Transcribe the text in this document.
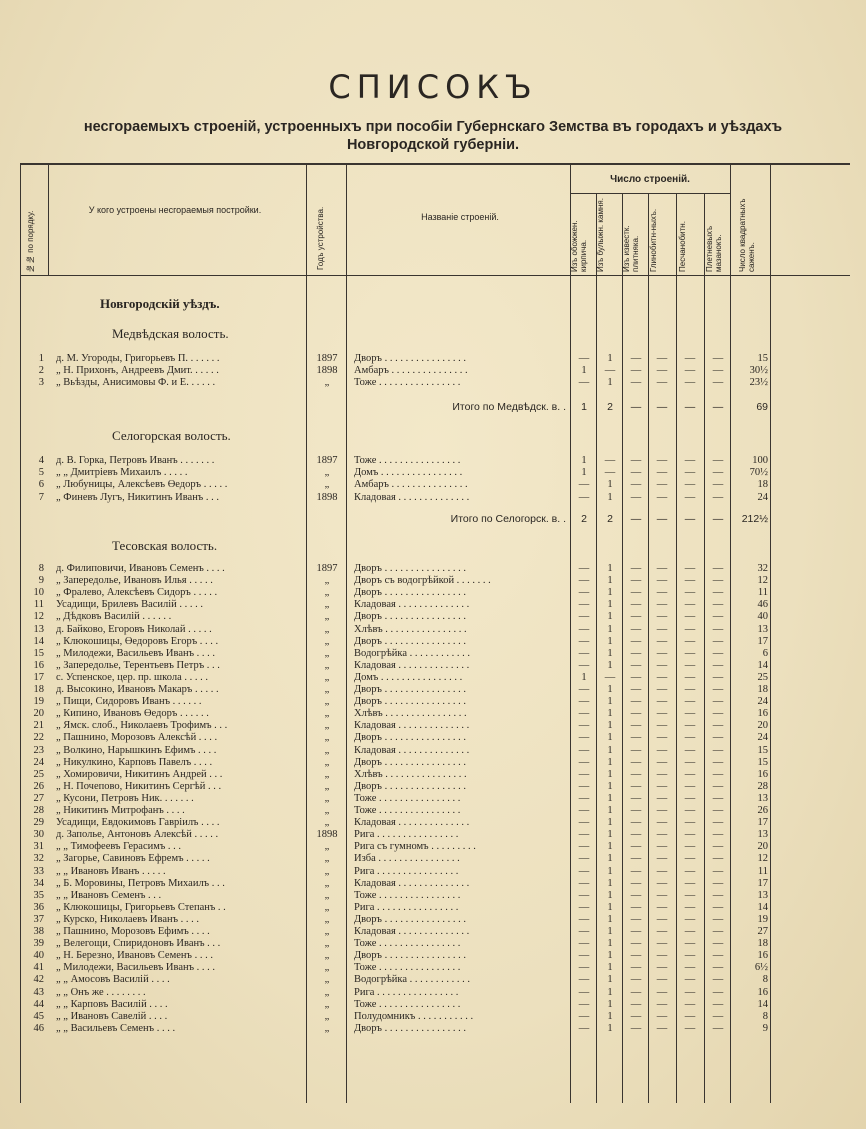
СПИСОКЪ
несгораемыхъ строеній, устроенныхъ при пособіи Губернскаго Земства въ городахъ и уѣздахъ
Новгородской губерніи.
№№ по порядку.
У кого устроены несгораемыя постройки.	Годъ устройства.	Названіе строеній.
Число строеній.
Изъ обожжен. кирпича.	Изъ булыжн. камня.	Изъ известк. плитняка.	Глинобитн-ныхъ.	Песчанобитн.	Плетневыхъ мазанокъ.	Число квадратныхъ саженъ.
Новгородскій уѣздъ.
Медвѣдская волость.
1 д. М. Угороды, Григорьевъ П. . . . . . .	1897	Дворъ . . . . . . . . . . . . . . . .	—	1	—	—	—	—	15
2 „ Н. Прихонъ, Андреевъ Дмит. . . . . .	1898	Амбаръ . . . . . . . . . . . . . . .	1	—	—	—	—	—	30½
3 „ Вьѣзды, Анисимовы Ф. и Е. . . . . .	„	Тоже . . . . . . . . . . . . . . . .	—	1	—	—	—	—	23½
Итого по Медвѣдск. в. .	1	2	—	—	—	—	69
Селогорская волость.
4 д. В. Горка, Петровъ Иванъ . . . . . . .	1897	Тоже . . . . . . . . . . . . . . . .	1	—	—	—	—	—	100
5 „ „ Дмитріевъ Михаилъ . . . . .	„	Домъ . . . . . . . . . . . . . . . .	1	—	—	—	—	—	70½
6 „ Любуницы, Алексѣевъ Өедоръ . . . . .	„	Амбаръ . . . . . . . . . . . . . . .	—	1	—	—	—	—	18
7 „ Финевъ Лугъ, Никитинъ Иванъ . . .	1898	Кладовая . . . . . . . . . . . . . .	—	1	—	—	—	—	24
Итого по Селогорск. в. .	2	2	—	—	—	—	212½
Тесовская волость.
8 д. Филиповичи, Ивановъ Семенъ . . . .	1897	Дворъ . . . . . . . . . . . . . . . .	—	1	—	—	—	—	32
9 „ Запередолье, Ивановъ Илья . . . . .	„	Дворъ съ водогрѣйкой . . . . . . .	—	1	—	—	—	—	12
10 „ Фралево, Алексѣевъ Сидоръ . . . . .	„	Дворъ . . . . . . . . . . . . . . . .	—	1	—	—	—	—	11
11 Усадищи, Брилевъ Василій . . . . .	„	Кладовая . . . . . . . . . . . . . .	—	1	—	—	—	—	46
12 „ Дѣдковъ Василій . . . . . .	„	Дворъ . . . . . . . . . . . . . . . .	—	1	—	—	—	—	40
13 д. Байково, Егоровъ Николай . . . . .	„	Хлѣвъ . . . . . . . . . . . . . . . .	—	1	—	—	—	—	13
14 „ Клюкошицы, Өедоровъ Егоръ . . . .	„	Дворъ . . . . . . . . . . . . . . . .	—	1	—	—	—	—	17
15 „ Милодежи, Васильевъ Иванъ . . . .	„	Водогрѣйка . . . . . . . . . . . .	—	1	—	—	—	—	6
16 „ Запередолье, Терентьевъ Петръ . . .	„	Кладовая . . . . . . . . . . . . . .	—	1	—	—	—	—	14
17 с. Успенское, цер. пр. школа . . . . .	„	Домъ . . . . . . . . . . . . . . . .	1	—	—	—	—	—	25
18 д. Высокино, Ивановъ Макаръ . . . . .	„	Дворъ . . . . . . . . . . . . . . . .	—	1	—	—	—	—	18
19 „ Пищи, Сидоровъ Иванъ . . . . . .	„	Дворъ . . . . . . . . . . . . . . . .	—	1	—	—	—	—	24
20 „ Кипино, Ивановъ Өедоръ . . . . . .	„	Хлѣвъ . . . . . . . . . . . . . . . .	—	1	—	—	—	—	16
21 „ Ямск. слоб., Николаевъ Трофимъ . . .	„	Кладовая . . . . . . . . . . . . . .	—	1	—	—	—	—	20
22 „ Пашнино, Морозовъ Алексѣй . . . .	„	Дворъ . . . . . . . . . . . . . . . .	—	1	—	—	—	—	24
23 „ Волкино, Нарышкинъ Ефимъ . . . .	„	Кладовая . . . . . . . . . . . . . .	—	1	—	—	—	—	15
24 „ Никулкино, Карповъ Павелъ . . . .	„	Дворъ . . . . . . . . . . . . . . . .	—	1	—	—	—	—	15
25 „ Хомировичи, Никитинъ Андрей . . .	„	Хлѣвъ . . . . . . . . . . . . . . . .	—	1	—	—	—	—	16
26 „ Н. Почепово, Никитинъ Сергѣй . . .	„	Дворъ . . . . . . . . . . . . . . . .	—	1	—	—	—	—	28
27 „ Кусони, Петровъ Ник. . . . . . .	„	Тоже . . . . . . . . . . . . . . . .	—	1	—	—	—	—	13
28 „ Никитинъ Митрофанъ . . . .	„	Тоже . . . . . . . . . . . . . . . .	—	1	—	—	—	—	26
29 Усадищи, Евдокимовъ Гавріилъ . . . .	„	Кладовая . . . . . . . . . . . . . .	—	1	—	—	—	—	17
30 д. Заполье, Антоновъ Алексѣй . . . . .	1898	Рига . . . . . . . . . . . . . . . .	—	1	—	—	—	—	13
31 „ „ Тимофеевъ Герасимъ . . .	„	Рига съ гумномъ . . . . . . . . .	—	1	—	—	—	—	20
32 „ Загорье, Савиновъ Ефремъ . . . . .	„	Изба . . . . . . . . . . . . . . . .	—	1	—	—	—	—	12
33 „ „ Ивановъ Иванъ . . . . .	„	Рига . . . . . . . . . . . . . . . .	—	1	—	—	—	—	11
34 „ Б. Моровины, Петровъ Михаилъ . . .	„	Кладовая . . . . . . . . . . . . . .	—	1	—	—	—	—	17
35 „ „ Ивановъ Семенъ . . .	„	Тоже . . . . . . . . . . . . . . . .	—	1	—	—	—	—	13
36 „ Клюкошицы, Григорьевъ Степанъ . .	„	Рига . . . . . . . . . . . . . . . .	—	1	—	—	—	—	14
37 „ Курско, Николаевъ Иванъ . . . .	„	Дворъ . . . . . . . . . . . . . . . .	—	1	—	—	—	—	19
38 „ Пашнино, Морозовъ Ефимъ . . . .	„	Кладовая . . . . . . . . . . . . . .	—	1	—	—	—	—	27
39 „ Велегощи, Спиридоновъ Иванъ . . .	„	Тоже . . . . . . . . . . . . . . . .	—	1	—	—	—	—	18
40 „ Н. Березно, Ивановъ Семенъ . . . .	„	Дворъ . . . . . . . . . . . . . . . .	—	1	—	—	—	—	16
41 „ Милодежи, Васильевъ Иванъ . . . .	„	Тоже . . . . . . . . . . . . . . . .	—	1	—	—	—	—	6½
42 „ „ Амосовъ Василій . . . .	„	Водогрѣйка . . . . . . . . . . . .	—	1	—	—	—	—	8
43 „ „ Онъ же . . . . . . . .	„	Рига . . . . . . . . . . . . . . . .	—	1	—	—	—	—	16
44 „ „ Карповъ Василій . . . .	„	Тоже . . . . . . . . . . . . . . . .	—	1	—	—	—	—	14
45 „ „ Ивановъ Савелій . . . .	„	Полудомникъ . . . . . . . . . . .	—	1	—	—	—	—	8
46 „ „ Васильевъ Семенъ . . . .	„	Дворъ . . . . . . . . . . . . . . . .	—	1	—	—	—	—	9
